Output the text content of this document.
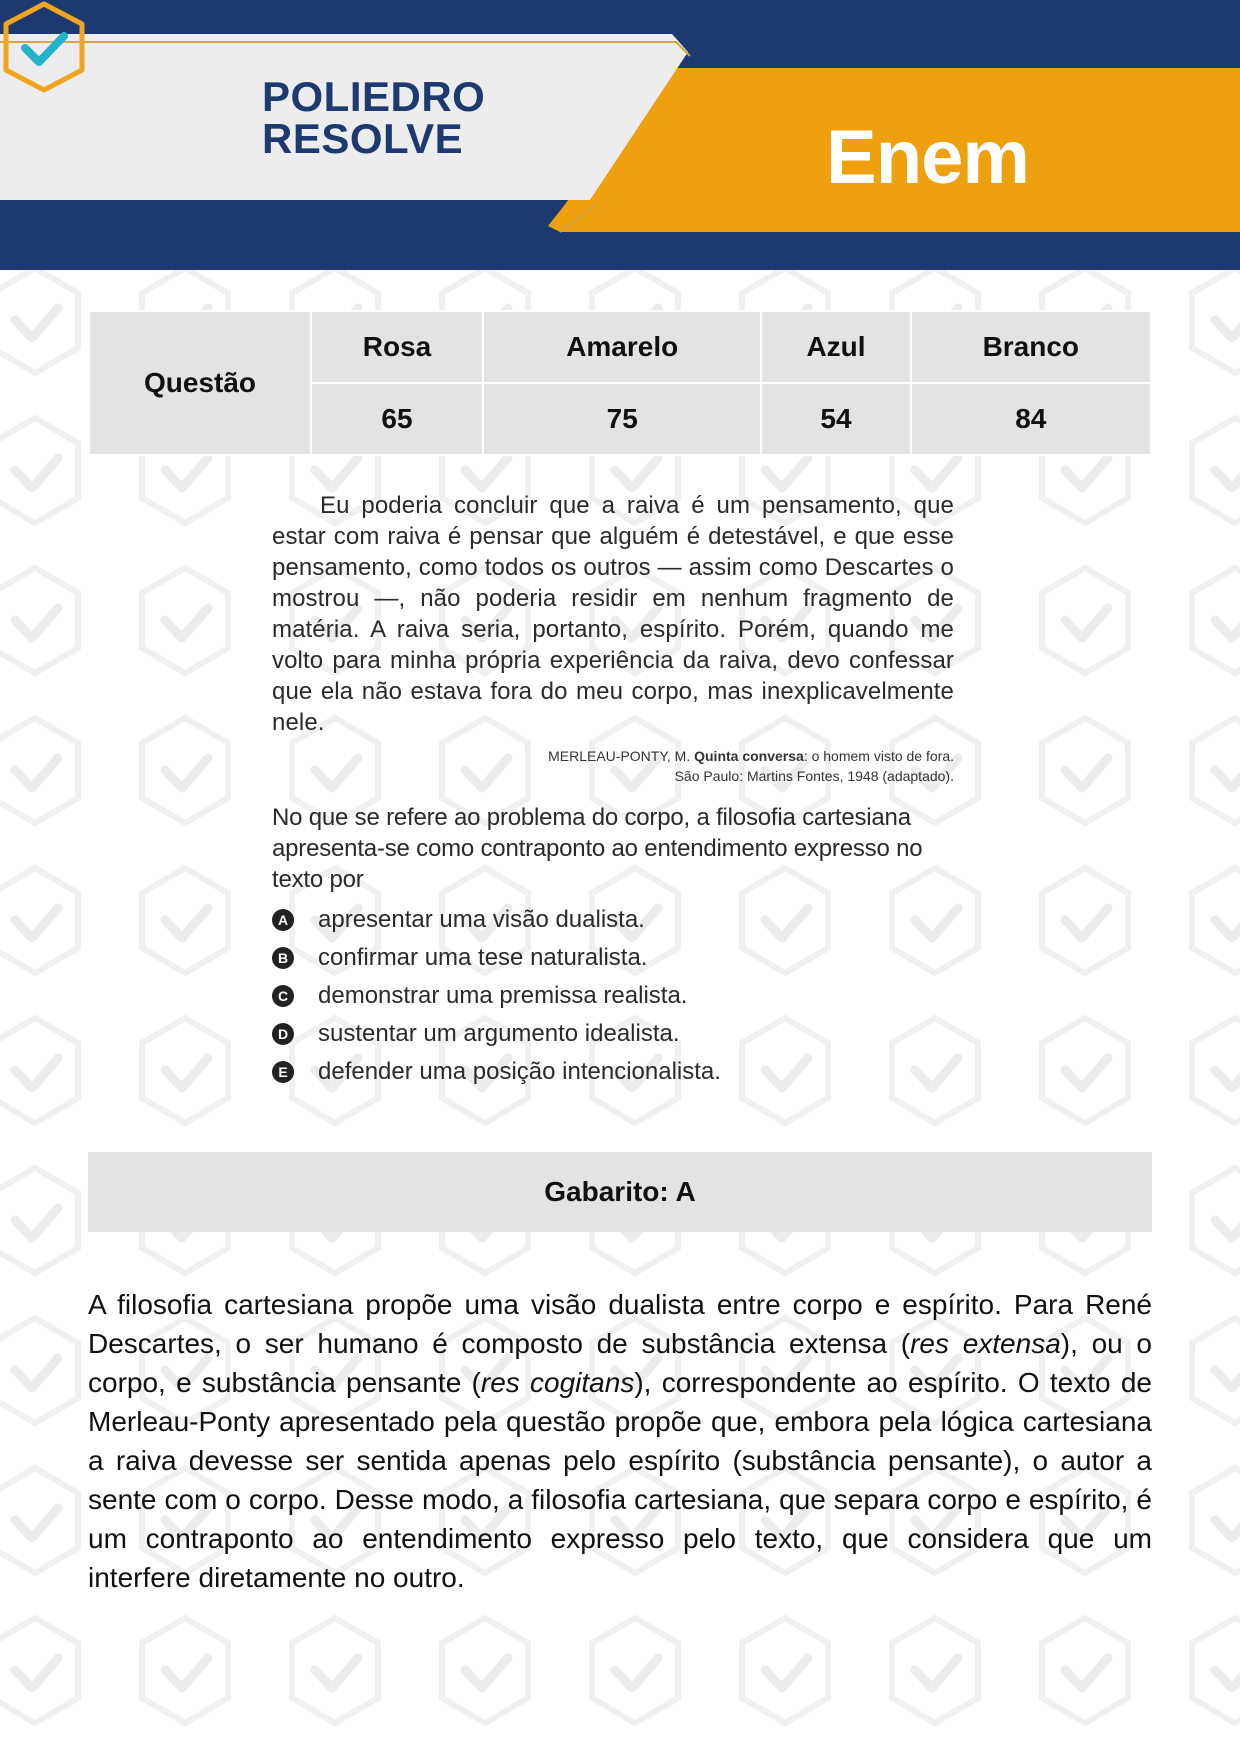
POLIEDRO
RESOLVE	Enem
Questão	Rosa	Amarelo	Azul	Branco
	65	75	54	84

Eu poderia concluir que a raiva é um pensamento, que estar com raiva é pensar que alguém é detestável, e que esse pensamento, como todos os outros — assim como Descartes o mostrou —, não poderia residir em nenhum fragmento de matéria. A raiva seria, portanto, espírito. Porém, quando me volto para minha própria experiência da raiva, devo confessar que ela não estava fora do meu corpo, mas inexplicavelmente nele.

MERLEAU-PONTY, M. Quinta conversa: o homem visto de fora.
São Paulo: Martins Fontes, 1948 (adaptado).

No que se refere ao problema do corpo, a filosofia cartesiana apresenta-se como contraponto ao entendimento expresso no texto por

A apresentar uma visão dualista.
B confirmar uma tese naturalista.
C demonstrar uma premissa realista.
D sustentar um argumento idealista.
E defender uma posição intencionalista.
Gabarito: A

A filosofia cartesiana propõe uma visão dualista entre corpo e espírito. Para René Descartes, o ser humano é composto de substância extensa (res extensa), ou o corpo, e substância pensante (res cogitans), correspondente ao espírito. O texto de Merleau-Ponty apresentado pela questão propõe que, embora pela lógica cartesiana a raiva devesse ser sentida apenas pelo espírito (substância pensante), o autor a sente com o corpo. Desse modo, a filosofia cartesiana, que separa corpo e espírito, é um contraponto ao entendimento expresso pelo texto, que considera que um interfere diretamente no outro.
